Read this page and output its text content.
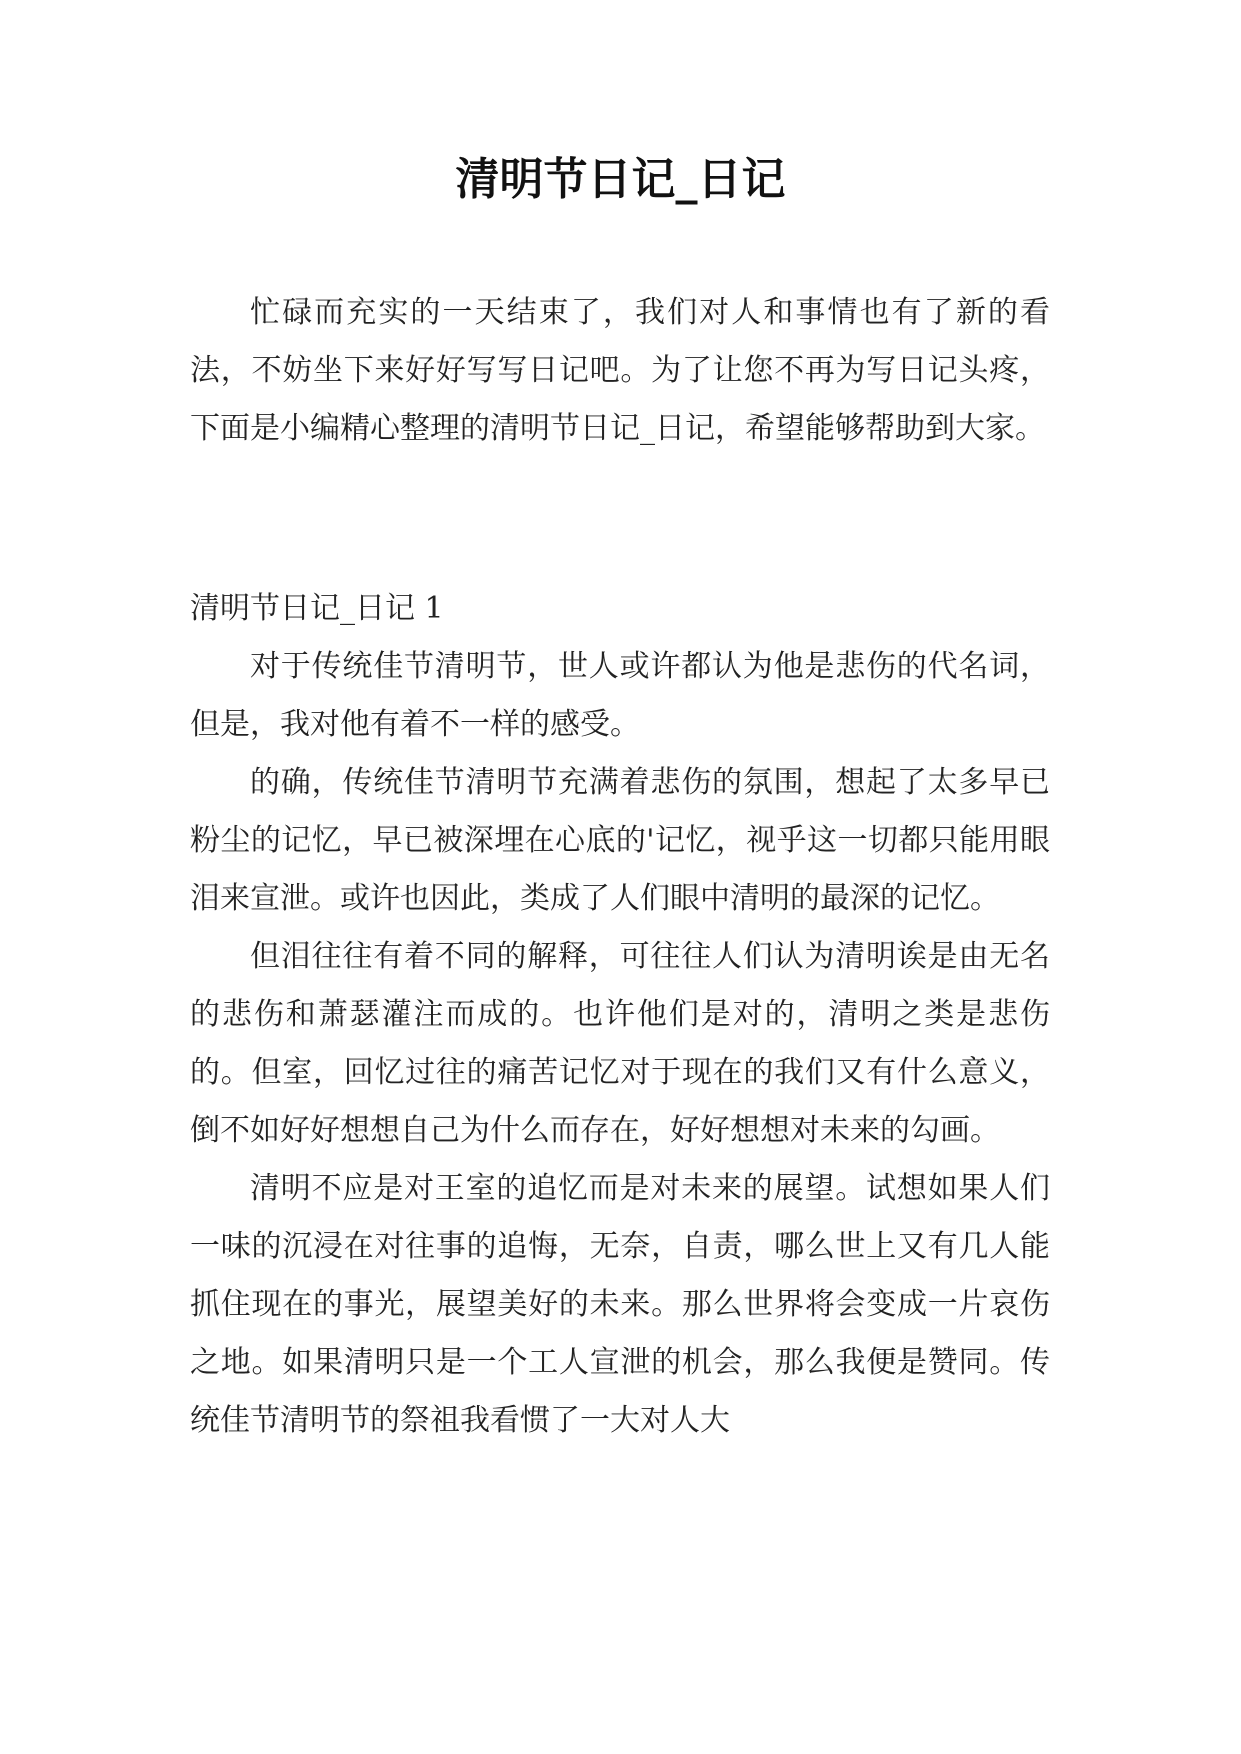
清明节日记_日记

忙碌而充实的一天结束了，我们对人和事情也有了新的看法，不妨坐下来好好写写日记吧。为了让您不再为写日记头疼，下面是小编精心整理的清明节日记_日记，希望能够帮助到大家。

清明节日记_日记 1

对于传统佳节清明节，世人或许都认为他是悲伤的代名词，但是，我对他有着不一样的感受。

的确，传统佳节清明节充满着悲伤的氛围，想起了太多早已粉尘的记忆，早已被深埋在心底的'记忆，视乎这一切都只能用眼泪来宣泄。或许也因此，类成了人们眼中清明的最深的记忆。

但泪往往有着不同的解释，可往往人们认为清明诶是由无名的悲伤和萧瑟灌注而成的。也许他们是对的，清明之类是悲伤的。但室，回忆过往的痛苦记忆对于现在的我们又有什么意义，倒不如好好想想自己为什么而存在，好好想想对未来的勾画。

清明不应是对王室的追忆而是对未来的展望。试想如果人们一味的沉浸在对往事的追悔，无奈，自责，哪么世上又有几人能抓住现在的事光，展望美好的未来。那么世界将会变成一片哀伤之地。如果清明只是一个工人宣泄的机会，那么我便是赞同。传统佳节清明节的祭祖我看惯了一大对人大
